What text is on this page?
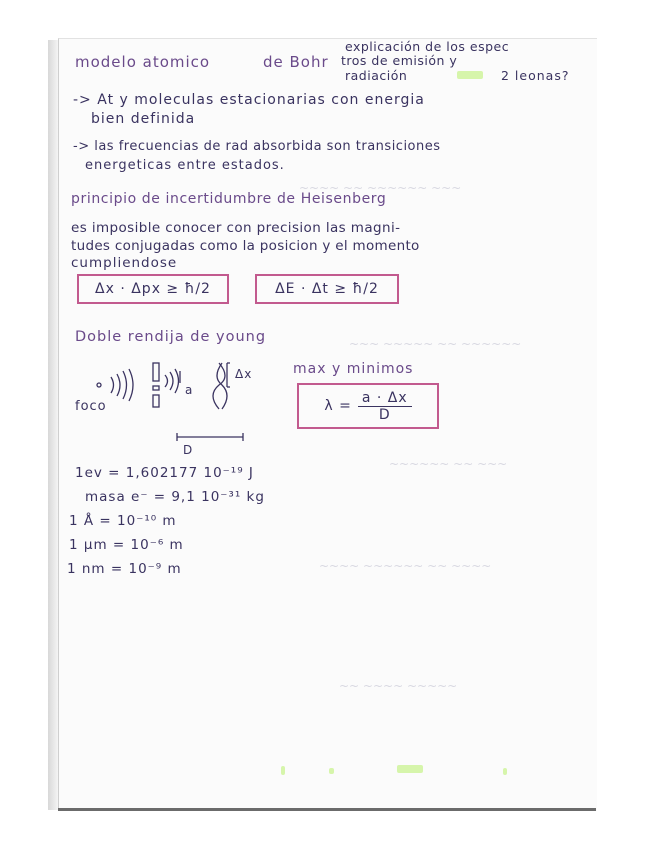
~~~~ ~~ ~~~~~~ ~~~
~~~ ~~~~~ ~~ ~~~~~~
~~~~~~ ~~ ~~~
~~~~ ~~~~~~ ~~ ~~~~
~~ ~~~~ ~~~~~
modelo atomico	de Bohr
explicación de los espec
tros de emisión y
radiación	2 leonas?
-> At y moleculas estacionarias con energia
bien definida
-> las frecuencias de rad absorbida son transiciones
energeticas entre estados.
principio de incertidumbre de Heisenberg
es imposible conocer con precision las magni-
tudes conjugadas como la posicion y el momento
cumpliendose
Δx · Δpx ≥ ħ/2	ΔE · Δt ≥ ħ/2
Doble rendija de young
foco
a
Δx
D
max y minimos
$\lambda = \frac{a \cdot \Delta x}{D}$
1ev = 1,602177 10⁻¹⁹ J
masa e⁻ = 9,1 10⁻³¹ kg
1 Å = 10⁻¹⁰ m
1 μm = 10⁻⁶ m
1 nm = 10⁻⁹ m
